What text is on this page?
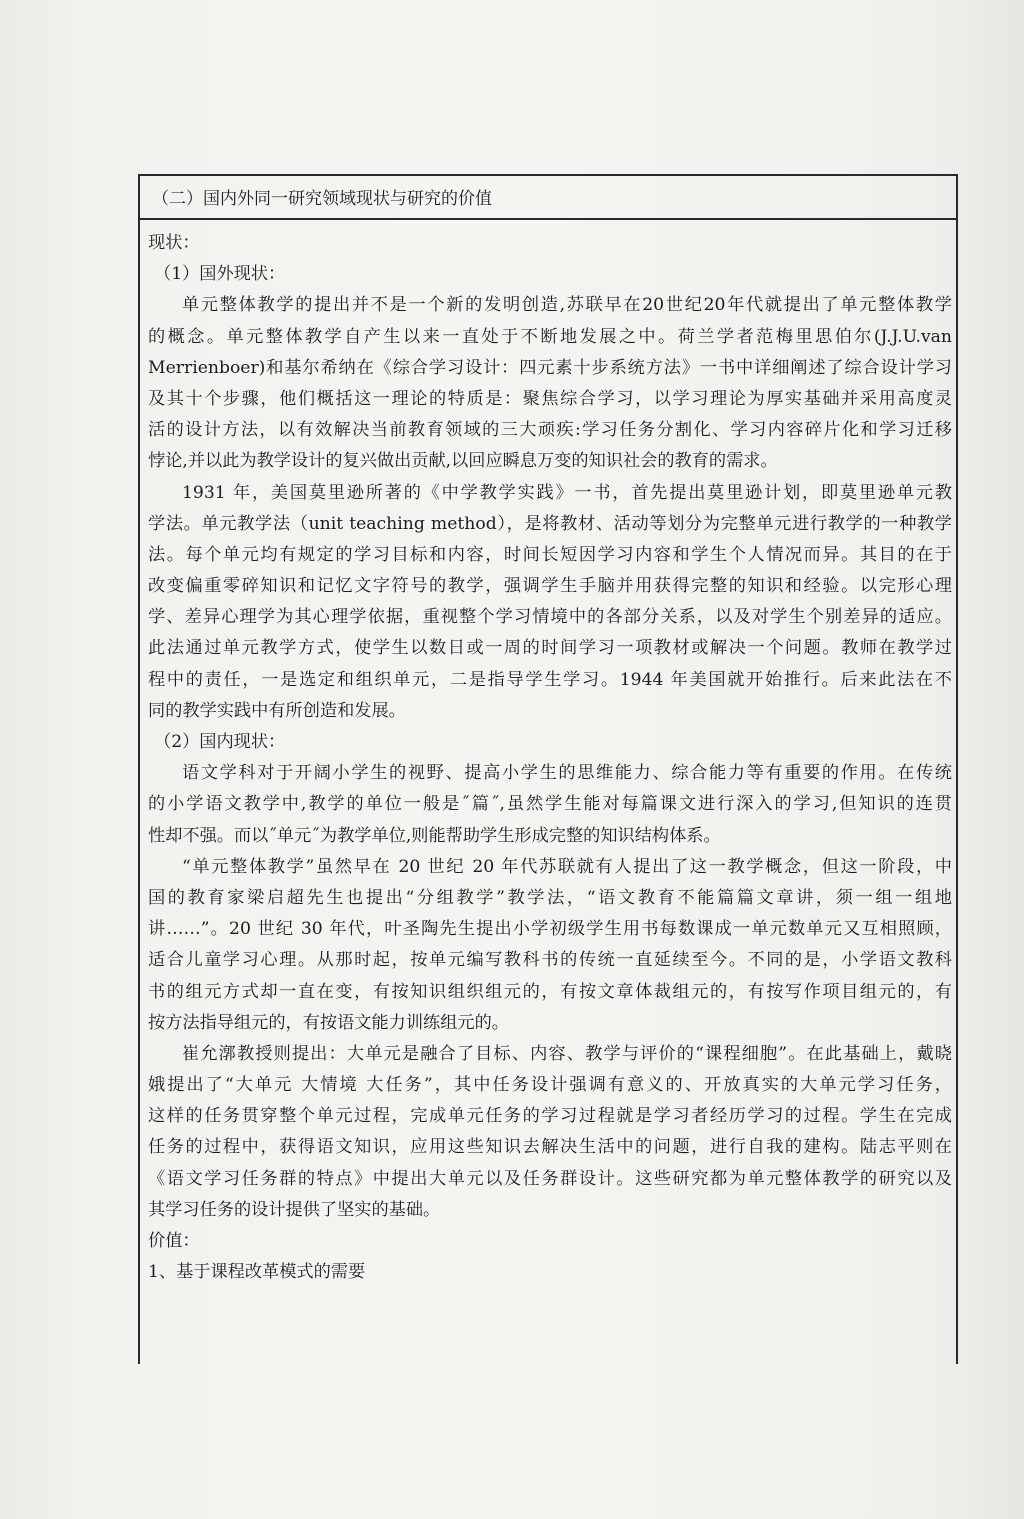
（二）国内外同一研究领域现状与研究的价值
现状：
（1）国外现状：
单元整体教学的提出并不是一个新的发明创造,苏联早在20世纪20年代就提出了单元整体教学
的概念。单元整体教学自产生以来一直处于不断地发展之中。荷兰学者范梅里思伯尔(J.J.U.van
Merrienboer)和基尔希纳在《综合学习设计：四元素十步系统方法》一书中详细阐述了综合设计学习
及其十个步骤，他们概括这一理论的特质是：聚焦综合学习，以学习理论为厚实基础并采用高度灵
活的设计方法，以有效解决当前教育领域的三大顽疾:学习任务分割化、学习内容碎片化和学习迁移
悖论,并以此为教学设计的复兴做出贡献,以回应瞬息万变的知识社会的教育的需求。
1931 年，美国莫里逊所著的《中学教学实践》一书，首先提出莫里逊计划，即莫里逊单元教
学法。单元教学法（unit teaching method），是将教材、活动等划分为完整单元进行教学的一种教学
法。每个单元均有规定的学习目标和内容，时间长短因学习内容和学生个人情况而异。其目的在于
改变偏重零碎知识和记忆文字符号的教学，强调学生手脑并用获得完整的知识和经验。以完形心理
学、差异心理学为其心理学依据，重视整个学习情境中的各部分关系，以及对学生个别差异的适应。
此法通过单元教学方式，使学生以数日或一周的时间学习一项教材或解决一个问题。教师在教学过
程中的责任，一是选定和组织单元，二是指导学生学习。1944 年美国就开始推行。后来此法在不
同的教学实践中有所创造和发展。
（2）国内现状：
语文学科对于开阔小学生的视野、提高小学生的思维能力、综合能力等有重要的作用。在传统
的小学语文教学中,教学的单位一般是˝篇˝,虽然学生能对每篇课文进行深入的学习,但知识的连贯
性却不强。而以˝单元˝为教学单位,则能帮助学生形成完整的知识结构体系。
“单元整体教学”虽然早在 20 世纪 20 年代苏联就有人提出了这一教学概念，但这一阶段，中
国的教育家梁启超先生也提出“分组教学”教学法，“语文教育不能篇篇文章讲，须一组一组地
讲……”。20 世纪 30 年代，叶圣陶先生提出小学初级学生用书每数课成一单元数单元又互相照顾，
适合儿童学习心理。从那时起，按单元编写教科书的传统一直延续至今。不同的是，小学语文教科
书的组元方式却一直在变，有按知识组织组元的，有按文章体裁组元的，有按写作项目组元的，有
按方法指导组元的，有按语文能力训练组元的。
崔允漷教授则提出：大单元是融合了目标、内容、教学与评价的“课程细胞”。在此基础上，戴晓
娥提出了“大单元 大情境 大任务”，其中任务设计强调有意义的、开放真实的大单元学习任务，
这样的任务贯穿整个单元过程，完成单元任务的学习过程就是学习者经历学习的过程。学生在完成
任务的过程中，获得语文知识，应用这些知识去解决生活中的问题，进行自我的建构。陆志平则在
《语文学习任务群的特点》中提出大单元以及任务群设计。这些研究都为单元整体教学的研究以及
其学习任务的设计提供了坚实的基础。
价值：
1、基于课程改革模式的需要
